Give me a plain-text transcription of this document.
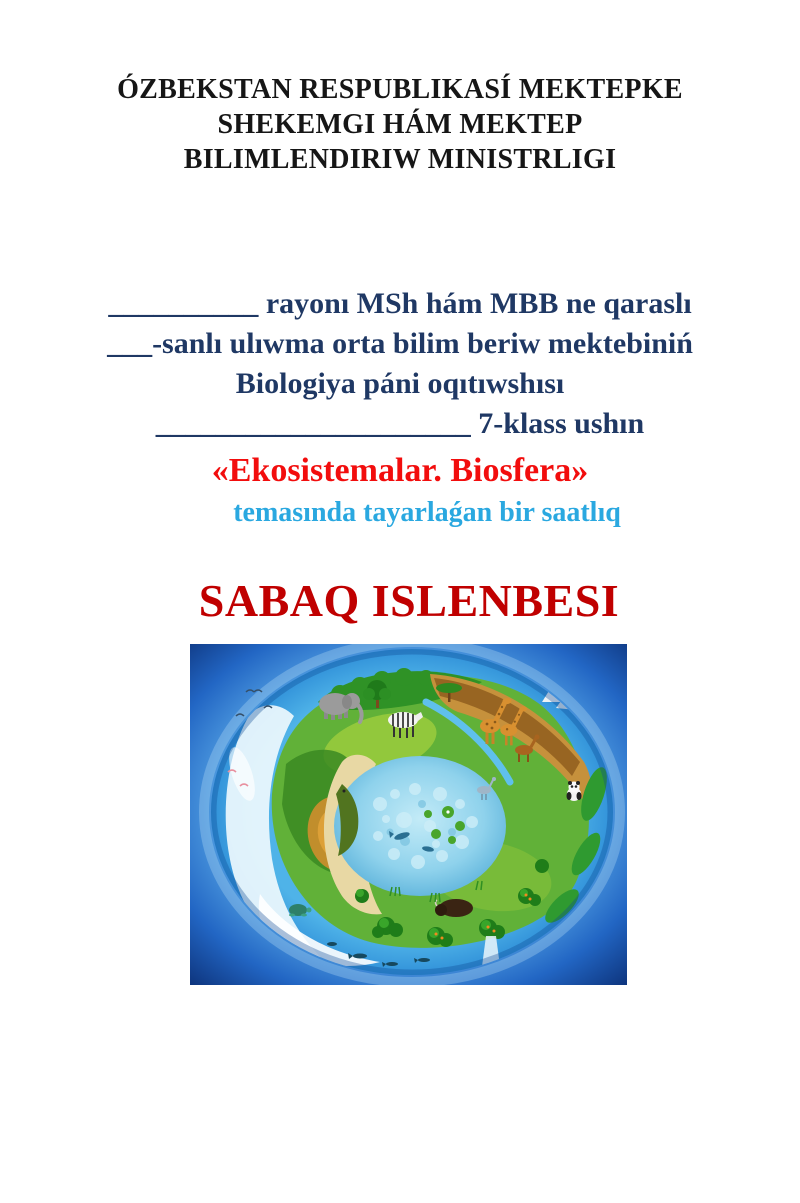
ÓZBEKSTAN RESPUBLIKASÍ MEKTEPKE
SHEKEMGI HÁM MEKTEP
BILIMLENDIRIW MINISTRLIGI
__________ rayonı MSh hám MBB ne qaraslı
___-sanlı ulıwma orta bilim beriw mektebiniń
Biologiya páni oqıtıwshısı
_____________________ 7-klass ushın
«Ekosistemalar. Biosfera»
temasında tayarlaǵan bir saatlıq
SABAQ ISLENBESI
